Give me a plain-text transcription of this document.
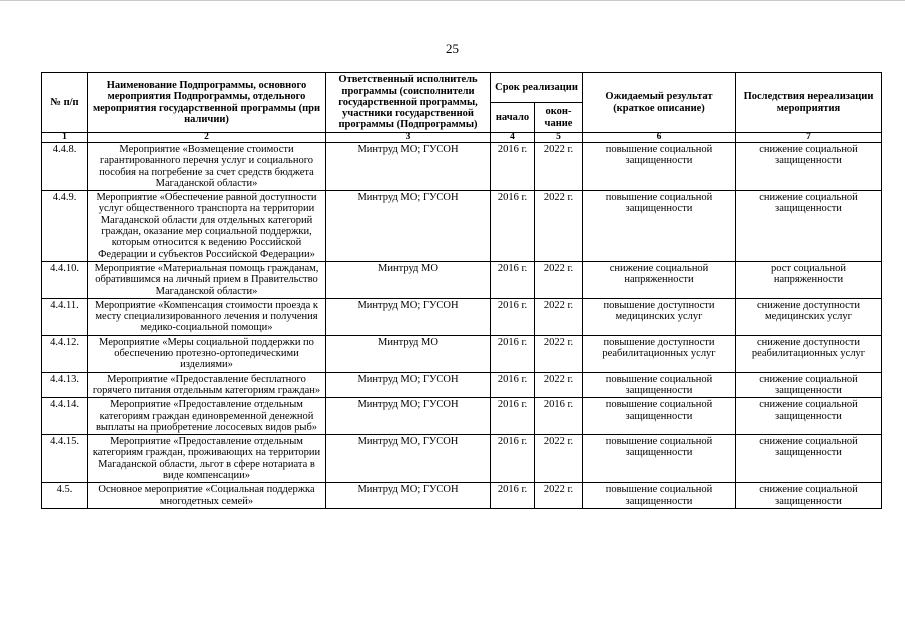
25
№ п/п	Наименование Подпрограммы, основного мероприятия Подпрограммы, отдельного мероприятия государственной программы (при наличии)	Ответственный исполнитель программы (соисполнители государственной программы, участники государственной программы (Подпрограммы)	Срок реализации		Ожидаемый результат (краткое описание)	Последствия нереализации мероприятия
			начало	окон-чание		
1	2	3	4	5	6	7
4.4.8.	Мероприятие «Возмещение стоимости гарантированного перечня услуг и социального пособия на погребение за счет средств бюджета Магаданской области»	Минтруд МО; ГУСОН	2016 г.	2022 г.	повышение социальной защищенности	снижение социальной защищенности
4.4.9.	Мероприятие «Обеспечение равной доступности услуг общественного транспорта на территории Магаданской области для отдельных категорий граждан, оказание мер социальной поддержки, которым относится к ведению Российской Федерации и субъектов Российской Федерации»	Минтруд МО; ГУСОН	2016 г.	2022 г.	повышение социальной защищенности	снижение социальной защищенности
4.4.10.	Мероприятие «Материальная помощь гражданам, обратившимся на личный прием в Правительство Магаданской области»	Минтруд МО	2016 г.	2022 г.	снижение социальной напряженности	рост социальной напряженности
4.4.11.	Мероприятие «Компенсация стоимости проезда к месту специализированного лечения и получения медико-социальной помощи»	Минтруд МО; ГУСОН	2016 г.	2022 г.	повышение доступности медицинских услуг	снижение доступности медицинских услуг
4.4.12.	Мероприятие «Меры социальной поддержки по обеспечению протезно-ортопедическими изделиями»	Минтруд МО	2016 г.	2022 г.	повышение доступности реабилитационных услуг	снижение доступности реабилитационных услуг
4.4.13.	Мероприятие «Предоставление бесплатного горячего питания отдельным категориям граждан»	Минтруд МО; ГУСОН	2016 г.	2022 г.	повышение социальной защищенности	снижение социальной защищенности
4.4.14.	Мероприятие «Предоставление отдельным категориям граждан единовременной денежной выплаты на приобретение лососевых видов рыб»	Минтруд МО; ГУСОН	2016 г.	2016 г.	повышение социальной защищенности	снижение социальной защищенности
4.4.15.	Мероприятие «Предоставление отдельным категориям граждан, проживающих на территории Магаданской области, льгот в сфере нотариата в виде компенсации»	Минтруд МО, ГУСОН	2016 г.	2022 г.	повышение социальной защищенности	снижение социальной защищенности
4.5.	Основное мероприятие «Социальная поддержка многодетных семей»	Минтруд МО; ГУСОН	2016 г.	2022 г.	повышение социальной защищенности	снижение социальной защищенности
